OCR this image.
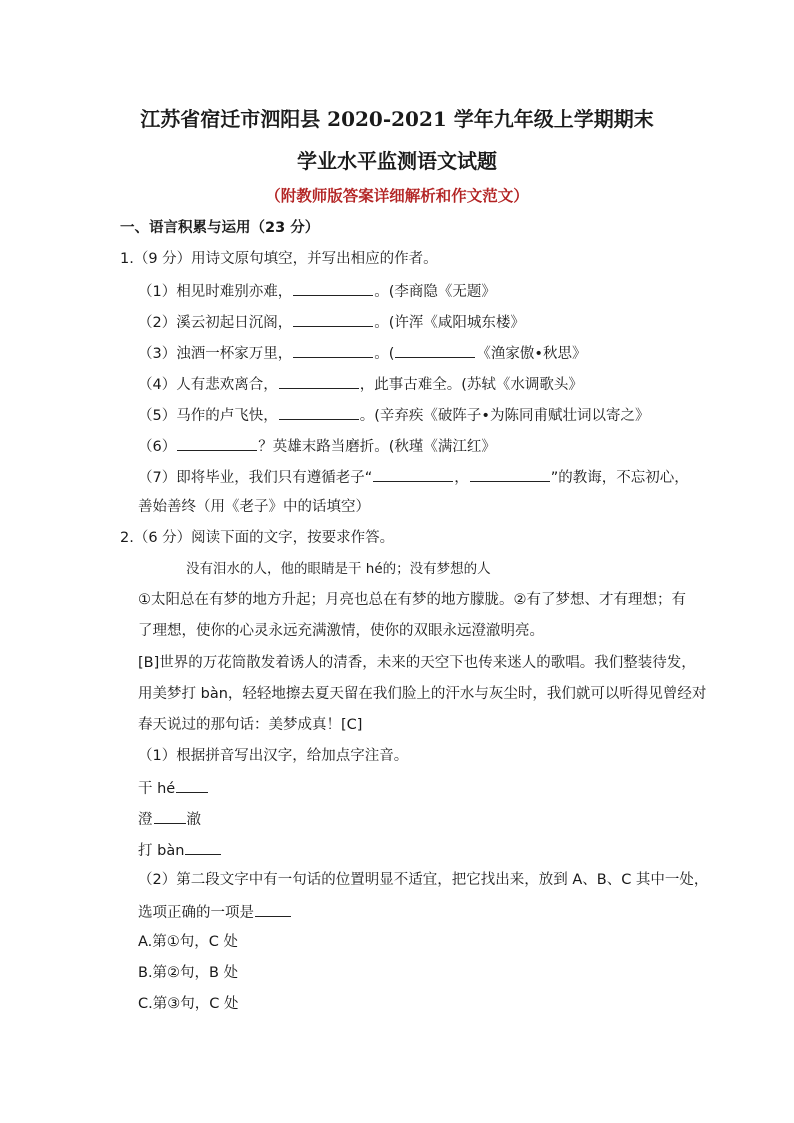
江苏省宿迁市泗阳县 2020-2021 学年九年级上学期期末
学业水平监测语文试题
（附教师版答案详细解析和作文范文）
一、语言积累与运用（23 分）
1.（9 分）用诗文原句填空，并写出相应的作者。
（1）相见时难别亦难，	。(李商隐《无题》
（2）溪云初起日沉阁，	。(许浑《咸阳城东楼》
（3）浊酒一杯家万里，	。(	《渔家傲•秋思》
（4）人有悲欢离合，	，此事古难全。(苏轼《水调歌头》
（5）马作的卢飞快，	。(辛弃疾《破阵子•为陈同甫赋壮词以寄之》
（6）	？英雄末路当磨折。(秋瑾《满江红》
（7）即将毕业，我们只有遵循老子“	，	”的教诲，不忘初心，
善始善终（用《老子》中的话填空）
2.（6 分）阅读下面的文字，按要求作答。
没有泪水的人，他的眼睛是干 hé的；没有梦想的人
①太阳总在有梦的地方升起；月亮也总在有梦的地方朦胧。②有了梦想、才有理想；有
了理想，使你的心灵永远充满激情，使你的双眼永远澄澈明亮。
[B]世界的万花筒散发着诱人的清香，未来的天空下也传来迷人的歌唱。我们整装待发，
用美梦打 bàn，轻轻地擦去夏天留在我们脸上的汗水与灰尘时，我们就可以听得见曾经对
春天说过的那句话：美梦成真！[C]
（1）根据拼音写出汉字，给加点字注音。
干 hé
澄 澈
打 bàn
（2）第二段文字中有一句话的位置明显不适宜，把它找出来，放到 A、B、C 其中一处，
选项正确的一项是
A.第①句，C 处
B.第②句，B 处
C.第③句，C 处
